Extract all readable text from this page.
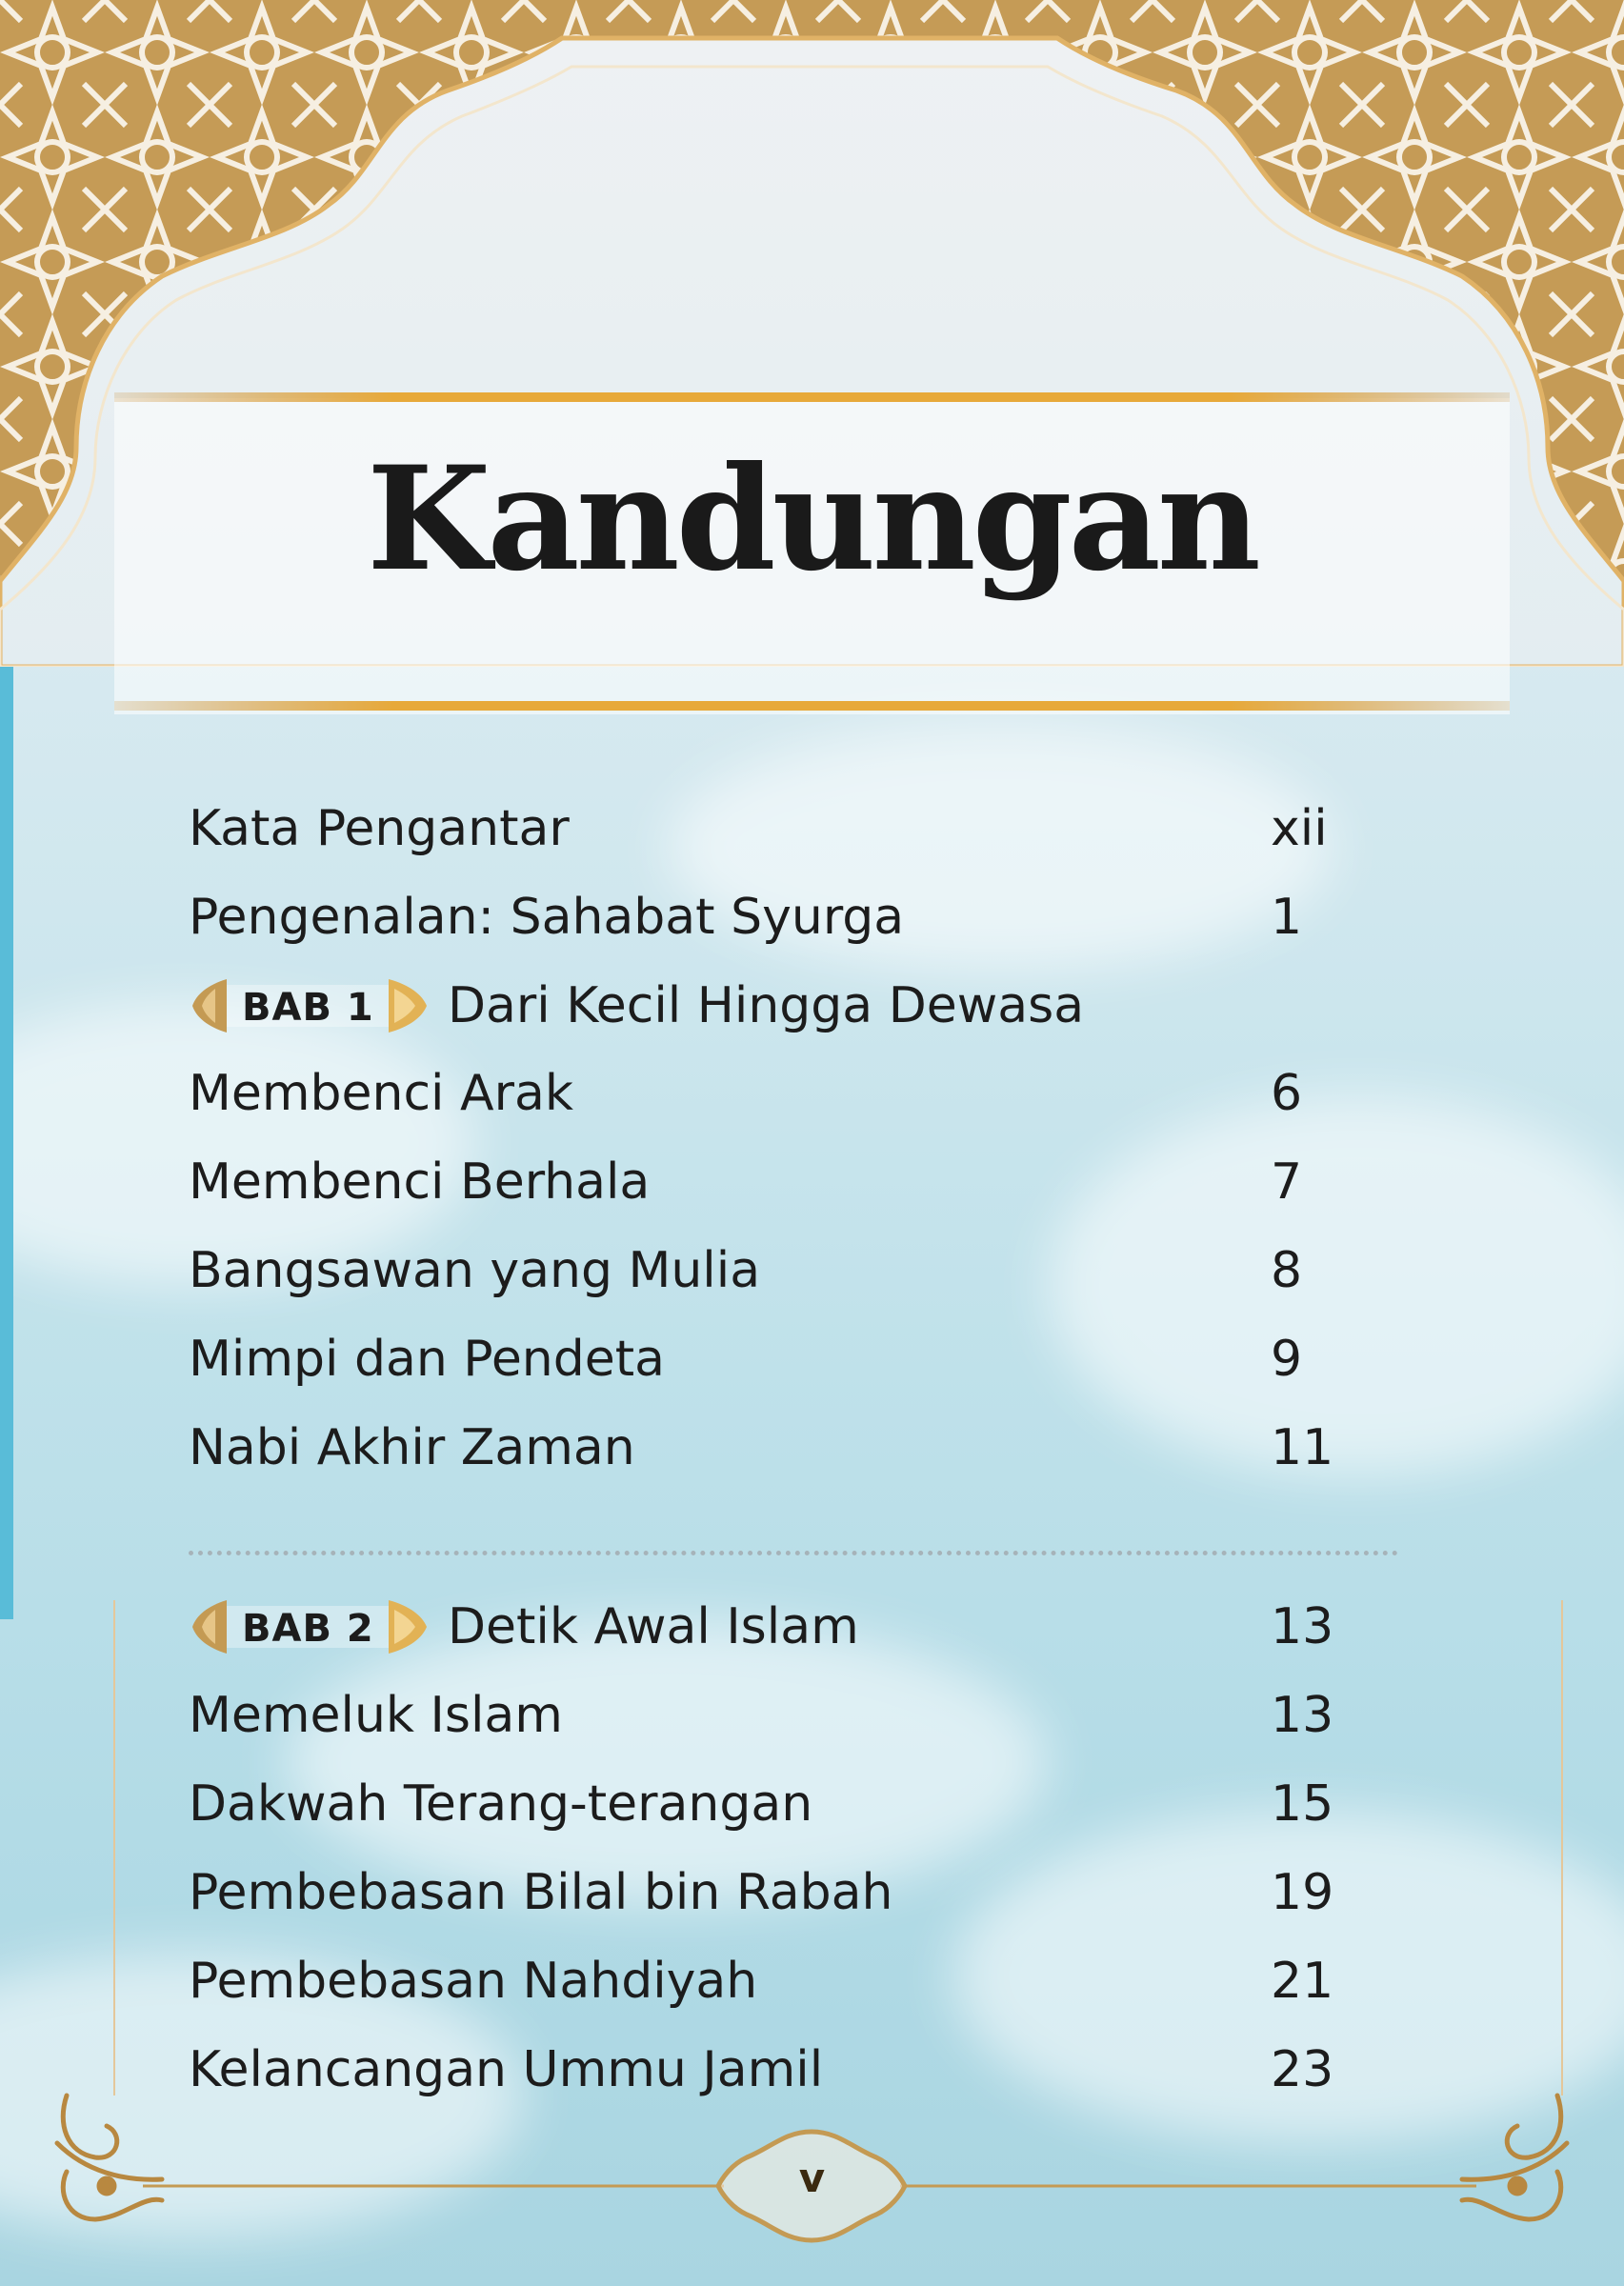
Kandungan
Kata Pengantar	xii
Pengenalan: Sahabat Syurga	1
BAB 1 Dari Kecil Hingga Dewasa
Membenci Arak	6
Membenci Berhala	7
Bangsawan yang Mulia	8
Mimpi dan Pendeta	9
Nabi Akhir Zaman	11
BAB 2 Detik Awal Islam	13
Memeluk Islam	13
Dakwah Terang-terangan	15
Pembebasan Bilal bin Rabah	19
Pembebasan Nahdiyah	21
Kelancangan Ummu Jamil	23
v
